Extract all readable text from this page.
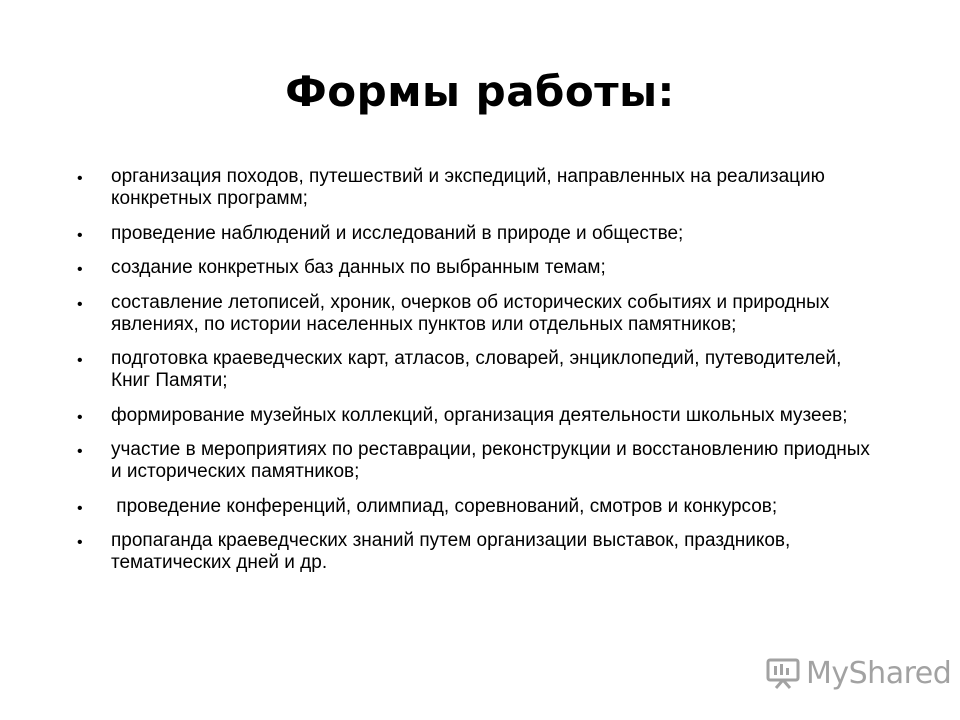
Формы работы:
• организация походов, путешествий и экспедиций, направленных на реализацию конкретных программ;
• проведение наблюдений и исследований в природе и обществе;
• создание конкретных баз данных по выбранным темам;
• составление летописей, хроник, очерков об исторических событиях и природных явлениях, по истории населенных пунктов или отдельных памятников;
• подготовка краеведческих карт, атласов, словарей, энциклопедий, путеводителей, Книг Памяти;
• формирование музейных коллекций, организация деятельности школьных музеев;
• участие в мероприятиях по реставрации, реконструкции и восстановлению приодных и исторических памятников;
• проведение конференций, олимпиад, соревнований, смотров и конкурсов;
• пропаганда краеведческих знаний путем организации выставок, праздников, тематических дней и др.
MyShared
